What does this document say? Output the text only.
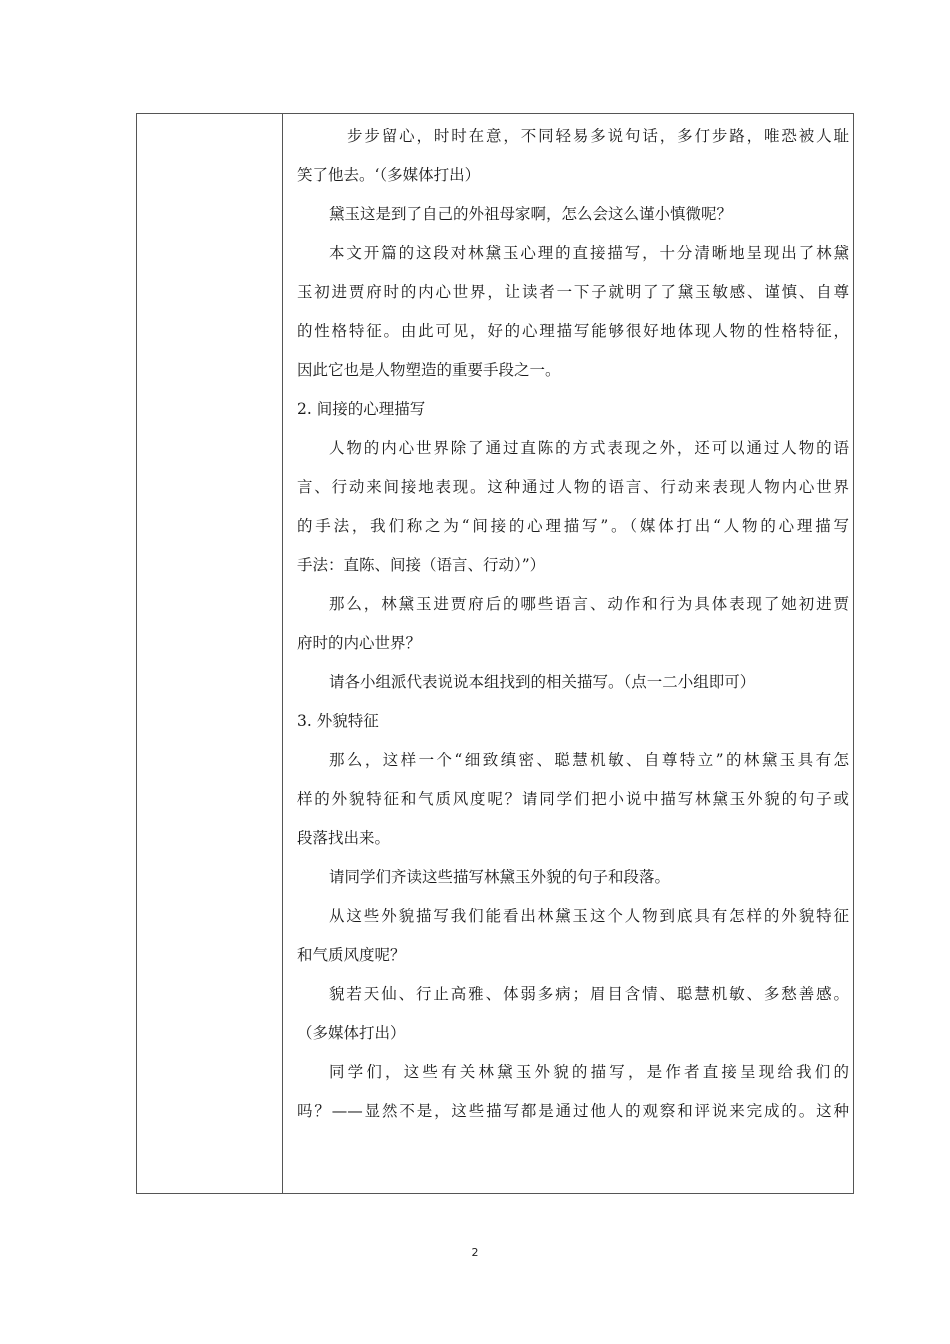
步步留心，时时在意，不同轻易多说句话，多仃步路，唯恐被人耻
笑了他去。‘（多媒体打出）
黛玉这是到了自己的外祖母家啊，怎么会这么谨小慎微呢？
本文开篇的这段对林黛玉心理的直接描写，十分清晰地呈现出了林黛
玉初进贾府时的内心世界，让读者一下子就明了了黛玉敏感、谨慎、自尊
的性格特征。由此可见，好的心理描写能够很好地体现人物的性格特征，
因此它也是人物塑造的重要手段之一。
2. 间接的心理描写
人物的内心世界除了通过直陈的方式表现之外，还可以通过人物的语
言、行动来间接地表现。这种通过人物的语言、行动来表现人物内心世界
的手法，我们称之为“间接的心理描写”。（媒体打出“人物的心理描写
手法：直陈、间接（语言、行动）”）
那么，林黛玉进贾府后的哪些语言、动作和行为具体表现了她初进贾
府时的内心世界？
请各小组派代表说说本组找到的相关描写。（点一二小组即可）
3. 外貌特征
那么，这样一个“细致缜密、聪慧机敏、自尊特立”的林黛玉具有怎
样的外貌特征和气质风度呢？请同学们把小说中描写林黛玉外貌的句子或
段落找出来。
请同学们齐读这些描写林黛玉外貌的句子和段落。
从这些外貌描写我们能看出林黛玉这个人物到底具有怎样的外貌特征
和气质风度呢？
貌若天仙、行止高雅、体弱多病；眉目含情、聪慧机敏、多愁善感。
（多媒体打出）
同学们，这些有关林黛玉外貌的描写，是作者直接呈现给我们的
吗？——显然不是，这些描写都是通过他人的观察和评说来完成的。这种
2
